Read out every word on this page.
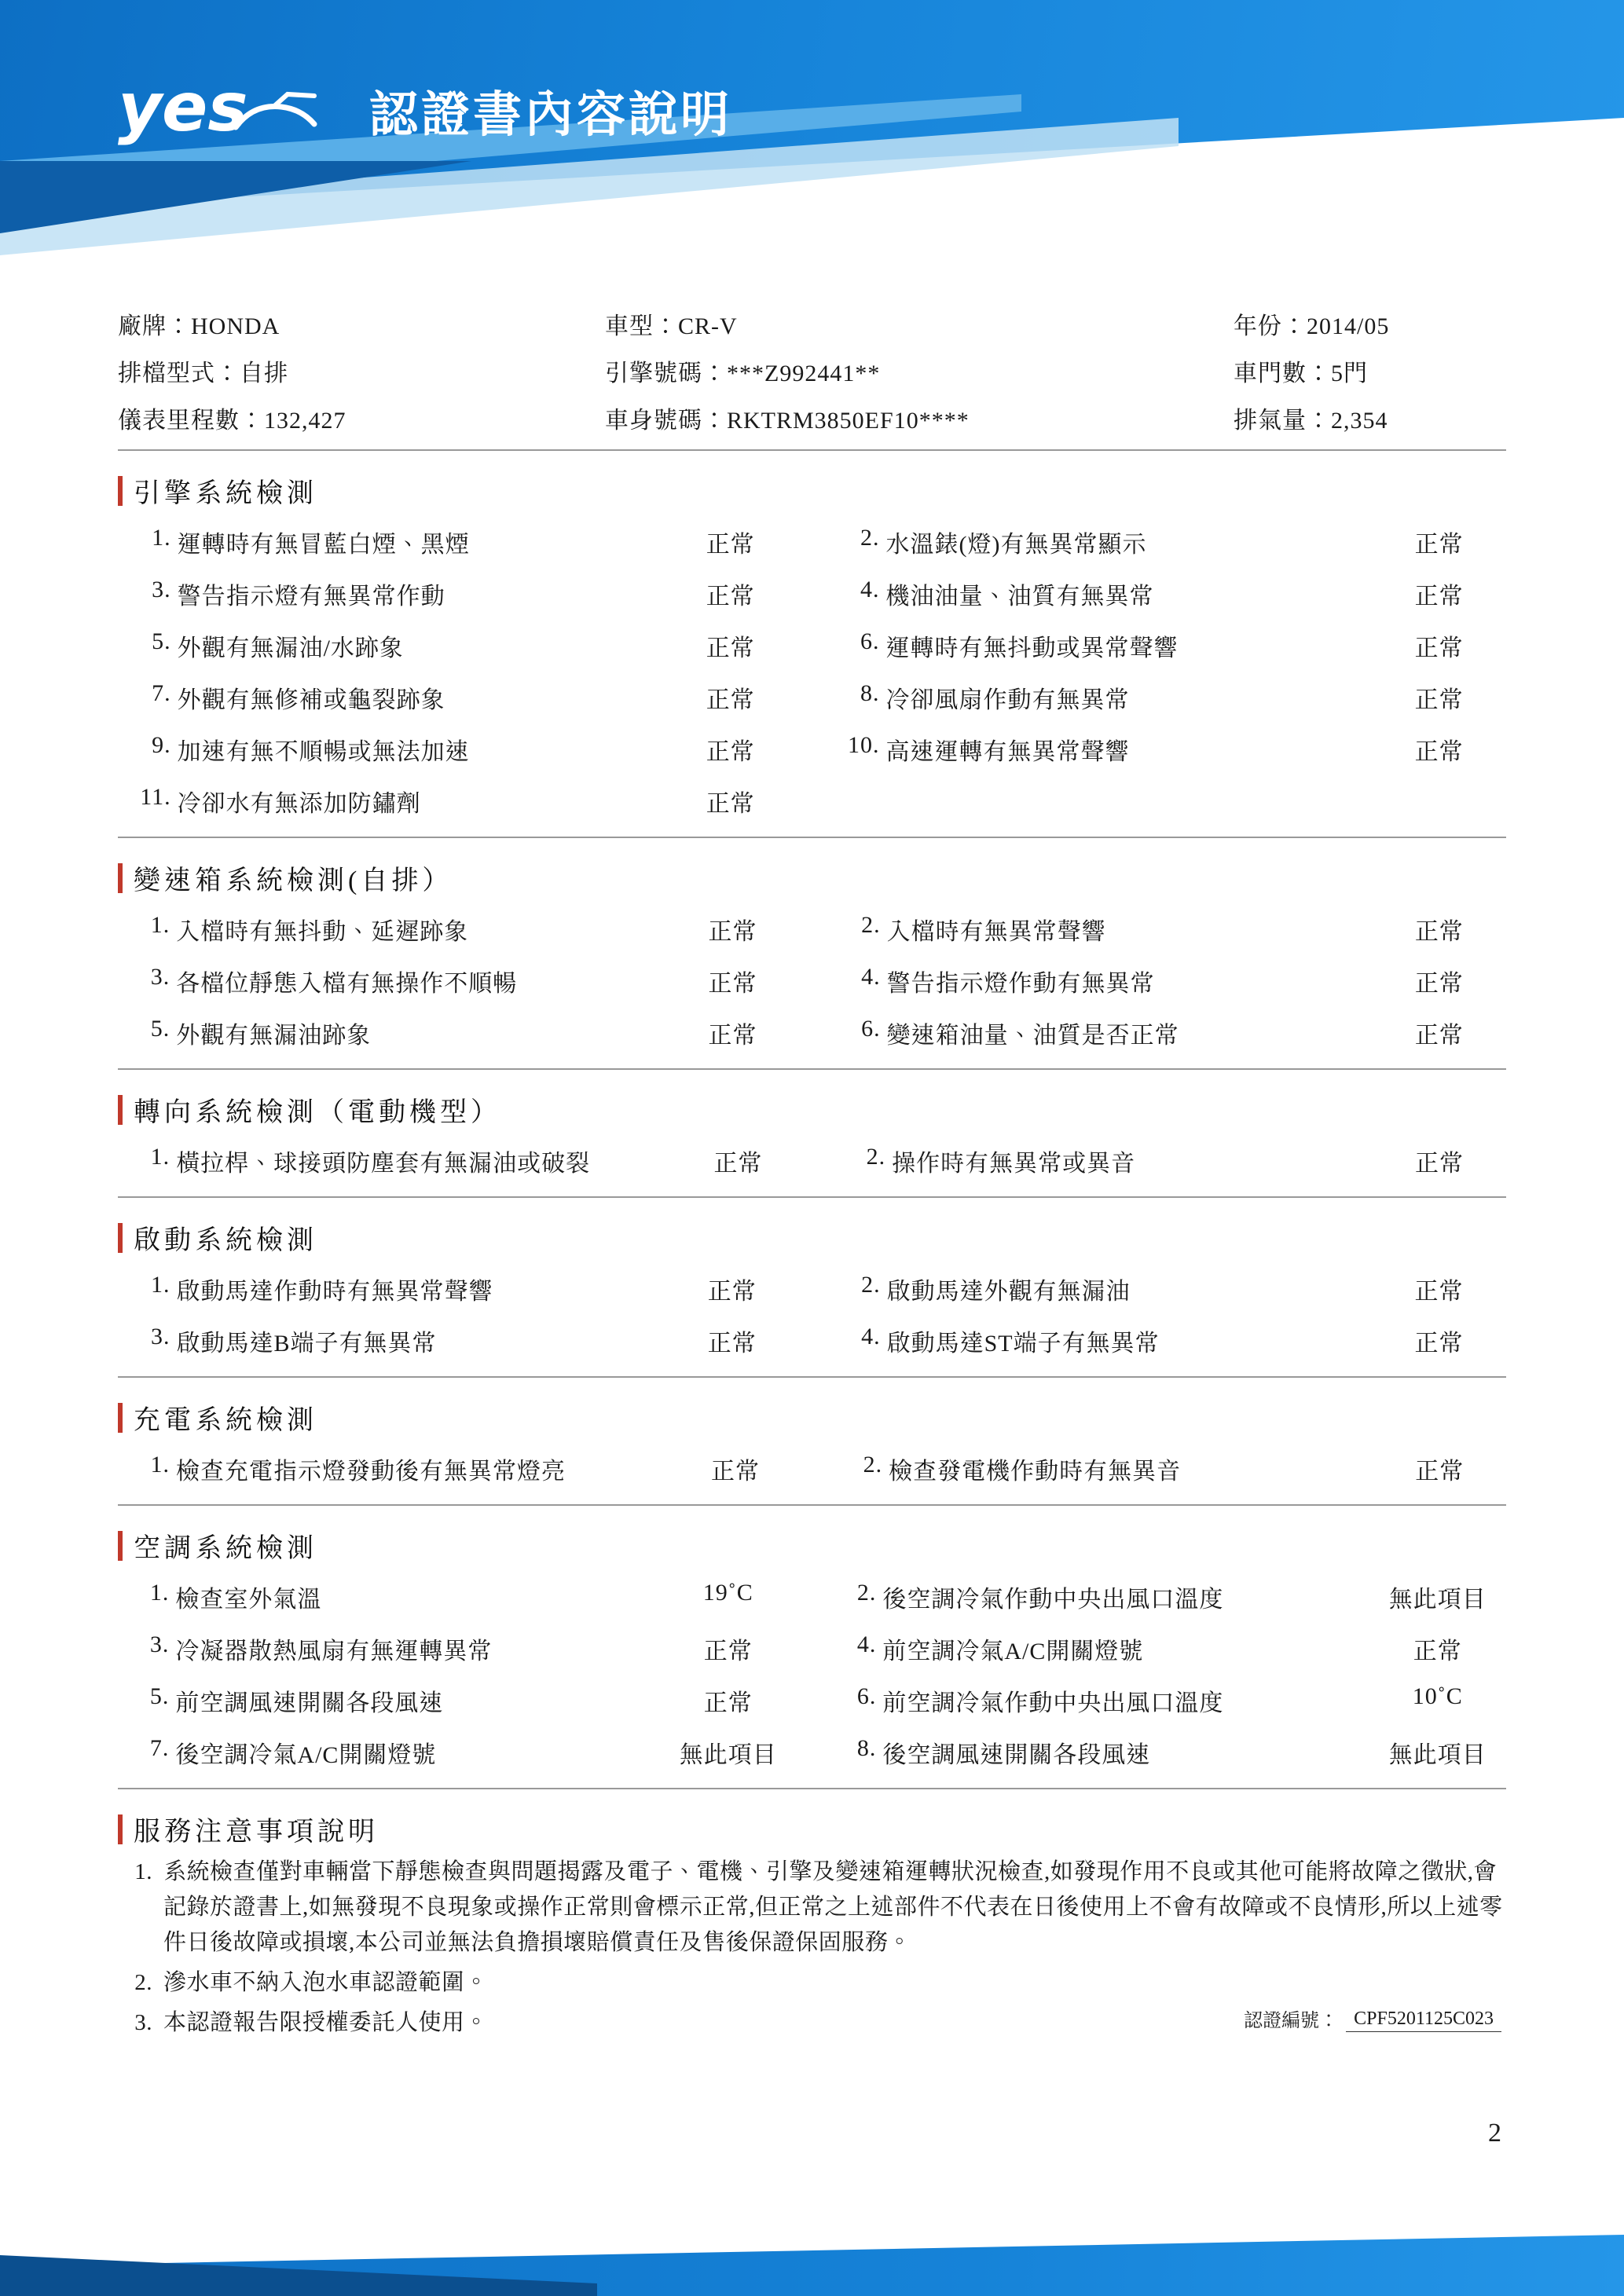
yes 認證書內容說明
廠牌：HONDA	車型：CR-V	年份：2014/05
排檔型式：自排	引擎號碼：***Z992441**	車門數：5門
儀表里程數：132,427	車身號碼：RKTRM3850EF10****	排氣量：2,354
引擎系統檢測
1.	運轉時有無冒藍白煙、黑煙	正常		2.	水溫錶(燈)有無異常顯示	正常
3.	警告指示燈有無異常作動	正常		4.	機油油量、油質有無異常	正常
5.	外觀有無漏油/水跡象	正常		6.	運轉時有無抖動或異常聲響	正常
7.	外觀有無修補或龜裂跡象	正常		8.	冷卻風扇作動有無異常	正常
9.	加速有無不順暢或無法加速	正常		10.	高速運轉有無異常聲響	正常
11.	冷卻水有無添加防鏽劑	正常				
變速箱系統檢測(自排）
1.	入檔時有無抖動、延遲跡象	正常		2.	入檔時有無異常聲響	正常
3.	各檔位靜態入檔有無操作不順暢	正常		4.	警告指示燈作動有無異常	正常
5.	外觀有無漏油跡象	正常		6.	變速箱油量、油質是否正常	正常
轉向系統檢測（電動機型）
1.	橫拉桿、球接頭防塵套有無漏油或破裂	正常		2.	操作時有無異常或異音	正常
啟動系統檢測
1.	啟動馬達作動時有無異常聲響	正常		2.	啟動馬達外觀有無漏油	正常
3.	啟動馬達B端子有無異常	正常		4.	啟動馬達ST端子有無異常	正常
充電系統檢測
1.	檢查充電指示燈發動後有無異常燈亮	正常		2.	檢查發電機作動時有無異音	正常
空調系統檢測
1.	檢查室外氣溫	19˚C		2.	後空調冷氣作動中央出風口溫度	無此項目
3.	冷凝器散熱風扇有無運轉異常	正常		4.	前空調冷氣A/C開關燈號	正常
5.	前空調風速開關各段風速	正常		6.	前空調冷氣作動中央出風口溫度	10˚C
7.	後空調冷氣A/C開關燈號	無此項目		8.	後空調風速開關各段風速	無此項目
服務注意事項說明
1. 系統檢查僅對車輛當下靜態檢查與問題揭露及電子、電機、引擎及變速箱運轉狀況檢查,如發現作用不良或其他可能將故障之徵狀,會記錄於證書上,如無發現不良現象或操作正常則會標示正常,但正常之上述部件不代表在日後使用上不會有故障或不良情形,所以上述零件日後故障或損壞,本公司並無法負擔損壞賠償責任及售後保證保固服務。
2. 滲水車不納入泡水車認證範圍。
3. 本認證報告限授權委託人使用。	認證編號： CPF5201125C023
2
